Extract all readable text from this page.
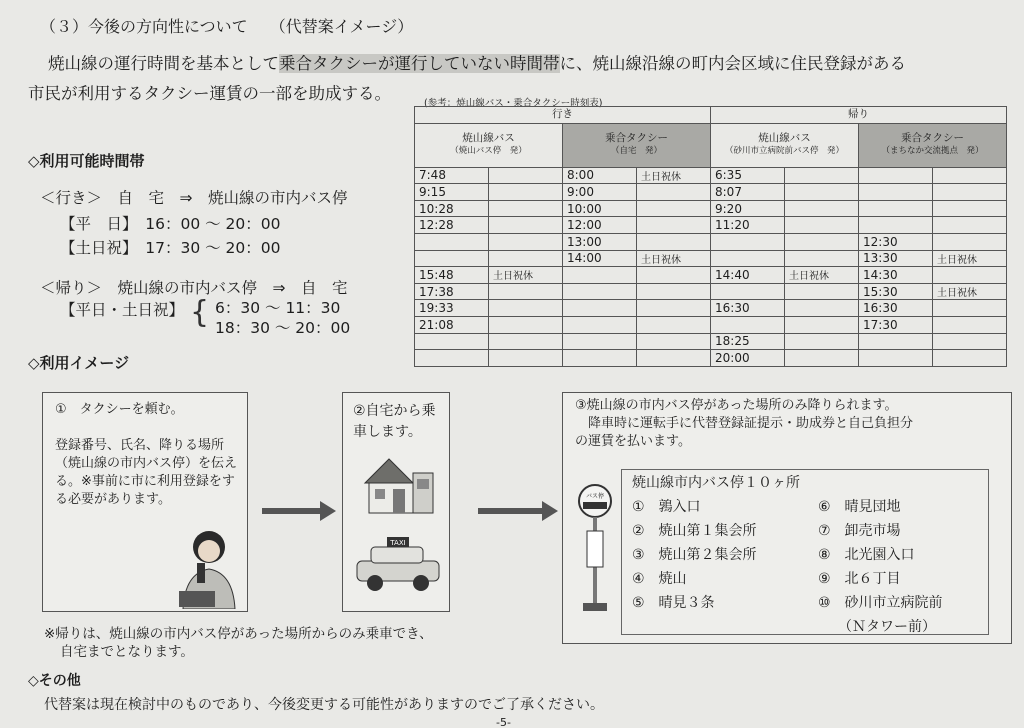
（３）今後の方向性について （代替案イメージ）
焼山線の運行時間を基本として乗合タクシーが運行していない時間帯に、焼山線沿線の町内会区域に住民登録がある
市民が利用するタクシー運賃の一部を助成する。
◇利用可能時間帯
＜行き＞　自　宅　⇒　焼山線の市内バス停
【平　日】　16：00 ～ 20：00
【土日祝】　17：30 ～ 20：00
＜帰り＞　焼山線の市内バス停　⇒　自　宅
【平日・土日祝】 { 6：30 ～ 11：30
18：30 ～ 20：00
(参考：焼山線バス・乗合タクシー時刻表)
行き				帰り			
焼山線バス
（焼山バス停　発）		乗合タクシー
（自宅　発）		焼山線バス
（砂川市立病院前バス停　発）		乗合タクシー
（まちなか交流拠点　発）	

7:48		8:00	土日祝休	6:35			
9:15		9:00		8:07			
10:28		10:00		9:20			
12:28		12:00		11:20			
		13:00				12:30	
		14:00	土日祝休			13:30	土日祝休
15:48	土日祝休			14:40	土日祝休	14:30	
17:38						15:30	土日祝休
19:33				16:30		16:30	
21:08						17:30	
				18:25			
				20:00			
◇利用イメージ
①　タクシーを頼む。
登録番号、氏名、降りる場所（焼山線の市内バス停）を伝える。※事前に市に利用登録をする必要があります。
②自宅から乗車します。
TAXI
③焼山線の市内バス停があった場所のみ降りられます。
　降車時に運転手に代替登録証提示・助成券と自己負担分
の運賃を払います。
バス停
焼山線市内バス停１０ヶ所
①　鶉入口
②　焼山第１集会所
③　焼山第２集会所
④　焼山
⑤　晴見３条
⑥　晴見団地
⑦　卸売市場
⑧　北光園入口
⑨　北６丁目
⑩　砂川市立病院前
（Ｎタワー前）
※帰りは、焼山線の市内バス停があった場所からのみ乗車でき、
自宅までとなります。
◇その他
代替案は現在検討中のものであり、今後変更する可能性がありますのでご了承ください。
-5-
